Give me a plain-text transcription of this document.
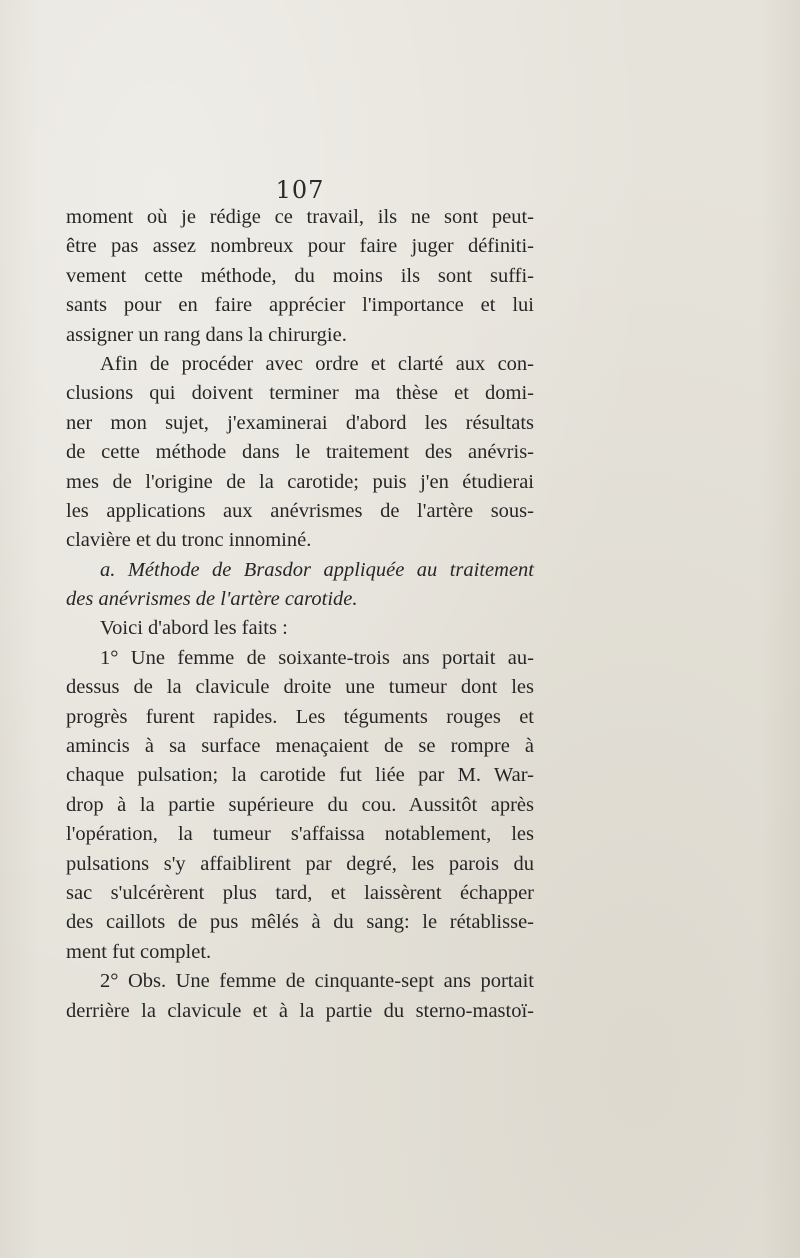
107
moment où je rédige ce travail, ils ne sont peut-
être pas assez nombreux pour faire juger définiti-
vement cette méthode, du moins ils sont suffi-
sants pour en faire apprécier l'importance et lui
assigner un rang dans la chirurgie.
Afin de procéder avec ordre et clarté aux con-
clusions qui doivent terminer ma thèse et domi-
ner mon sujet, j'examinerai d'abord les résultats
de cette méthode dans le traitement des anévris-
mes de l'origine de la carotide; puis j'en étudierai
les applications aux anévrismes de l'artère sous-
clavière et du tronc innominé.
a. Méthode de Brasdor appliquée au traitement
des anévrismes de l'artère carotide.
Voici d'abord les faits :
1° Une femme de soixante-trois ans portait au-
dessus de la clavicule droite une tumeur dont les
progrès furent rapides. Les téguments rouges et
amincis à sa surface menaçaient de se rompre à
chaque pulsation; la carotide fut liée par M. War-
drop à la partie supérieure du cou. Aussitôt après
l'opération, la tumeur s'affaissa notablement, les
pulsations s'y affaiblirent par degré, les parois du
sac s'ulcérèrent plus tard, et laissèrent échapper
des caillots de pus mêlés à du sang: le rétablisse-
ment fut complet.
2° Obs. Une femme de cinquante-sept ans portait
derrière la clavicule et à la partie du sterno-mastoï-
